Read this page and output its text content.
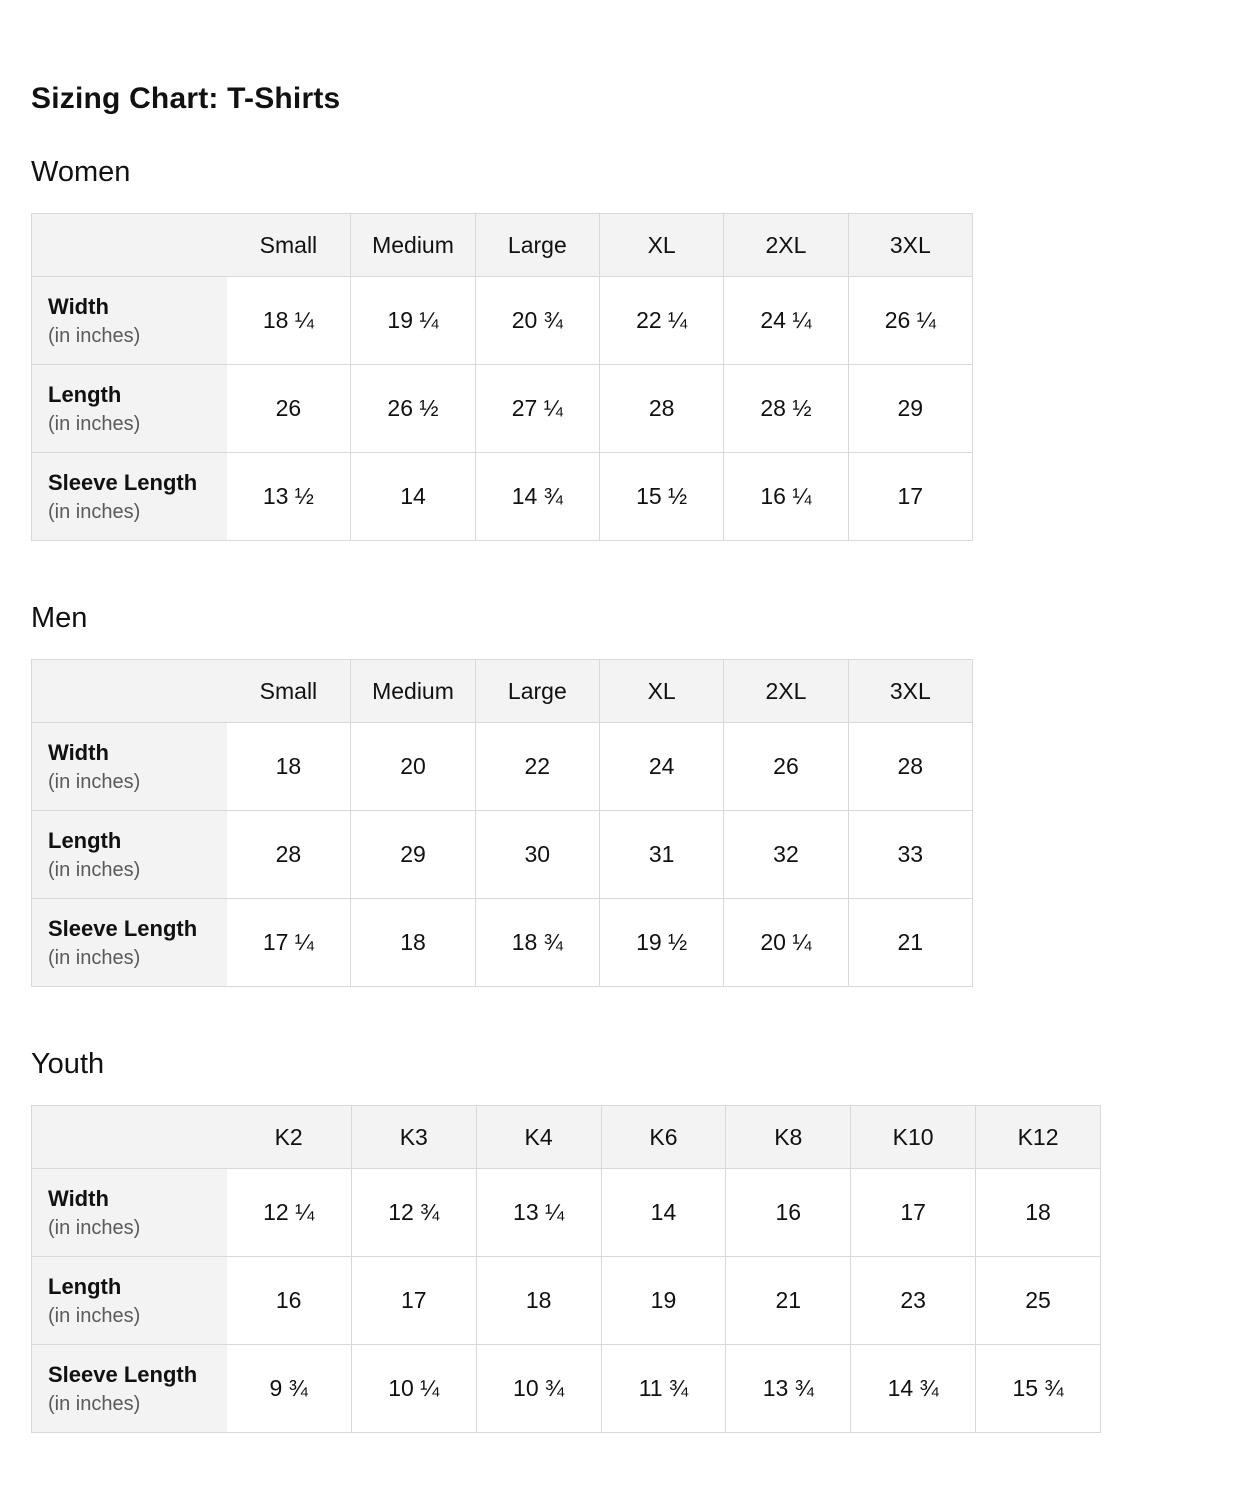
Sizing Chart: T-Shirts
Women
	Small	Medium	Large	XL	2XL	3XL

Width
(in inches)	18 ¼	19 ¼	20 ¾	22 ¼	24 ¼	26 ¼

Length
(in inches)	26	26 ½	27 ¼	28	28 ½	29

Sleeve Length
(in inches)	13 ½	14	14 ¾	15 ½	16 ¼	17
Men
	Small	Medium	Large	XL	2XL	3XL

Width
(in inches)	18	20	22	24	26	28

Length
(in inches)	28	29	30	31	32	33

Sleeve Length
(in inches)	17 ¼	18	18 ¾	19 ½	20 ¼	21
Youth
	K2	K3	K4	K6	K8	K10	K12

Width
(in inches)	12 ¼	12 ¾	13 ¼	14	16	17	18

Length
(in inches)	16	17	18	19	21	23	25

Sleeve Length
(in inches)	9 ¾	10 ¼	10 ¾	11 ¾	13 ¾	14 ¾	15 ¾
